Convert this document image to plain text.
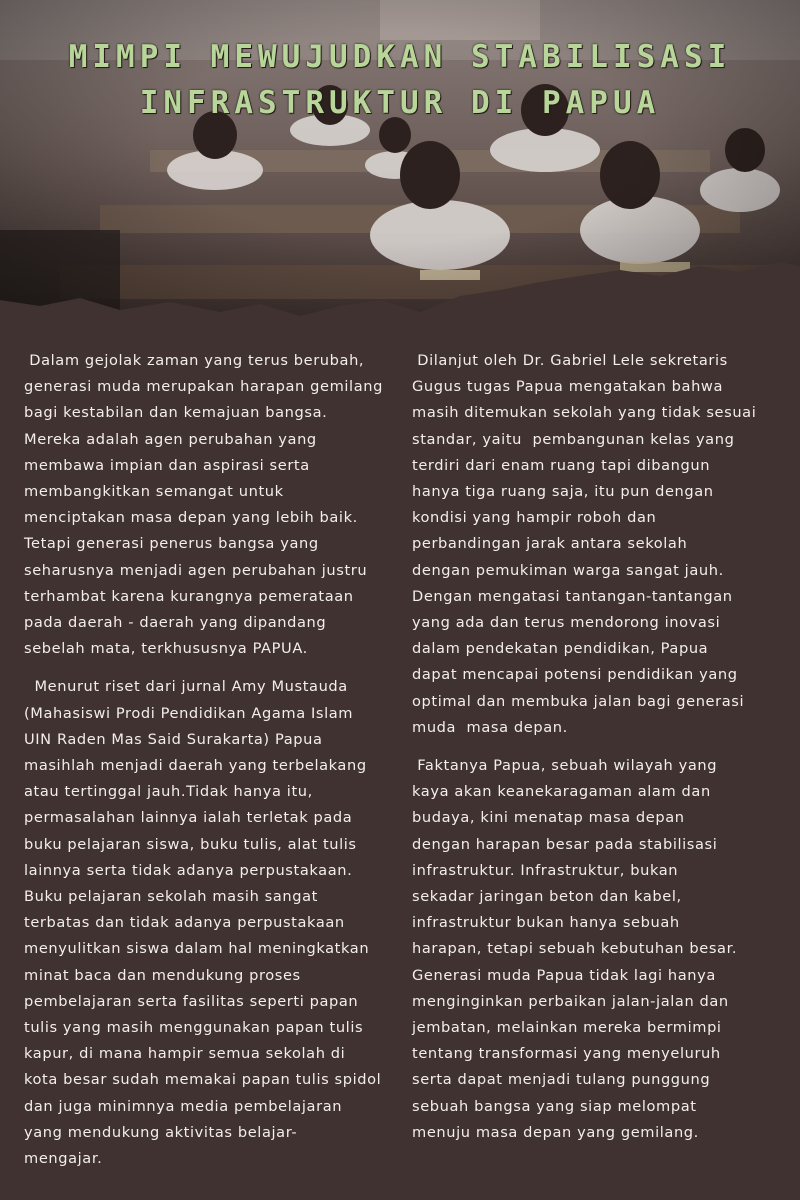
MIMPI MEWUJUDKAN STABILISASI
INFRASTRUKTUR DI PAPUA

Dalam gejolak zaman yang terus berubah,
generasi muda merupakan harapan gemilang
bagi kestabilan dan kemajuan bangsa.
Mereka adalah agen perubahan yang
membawa impian dan aspirasi serta
membangkitkan semangat untuk
menciptakan masa depan yang lebih baik.
Tetapi generasi penerus bangsa yang
seharusnya menjadi agen perubahan justru
terhambat karena kurangnya pemerataan
pada daerah - daerah yang dipandang
sebelah mata, terkhususnya PAPUA.

Menurut riset dari jurnal Amy Mustauda
(Mahasiswi Prodi Pendidikan Agama Islam
UIN Raden Mas Said Surakarta) Papua
masihlah menjadi daerah yang terbelakang
atau tertinggal jauh.Tidak hanya itu,
permasalahan lainnya ialah terletak pada
buku pelajaran siswa, buku tulis, alat tulis
lainnya serta tidak adanya perpustakaan.
Buku pelajaran sekolah masih sangat
terbatas dan tidak adanya perpustakaan
menyulitkan siswa dalam hal meningkatkan
minat baca dan mendukung proses
pembelajaran serta fasilitas seperti papan
tulis yang masih menggunakan papan tulis
kapur, di mana hampir semua sekolah di
kota besar sudah memakai papan tulis spidol
dan juga minimnya media pembelajaran
yang mendukung aktivitas belajar-
mengajar.

Dilanjut oleh Dr. Gabriel Lele sekretaris
Gugus tugas Papua mengatakan bahwa
masih ditemukan sekolah yang tidak sesuai
standar, yaitu  pembangunan kelas yang
terdiri dari enam ruang tapi dibangun
hanya tiga ruang saja, itu pun dengan
kondisi yang hampir roboh dan
perbandingan jarak antara sekolah
dengan pemukiman warga sangat jauh.
Dengan mengatasi tantangan-tantangan
yang ada dan terus mendorong inovasi
dalam pendekatan pendidikan, Papua
dapat mencapai potensi pendidikan yang
optimal dan membuka jalan bagi generasi
muda  masa depan.

Faktanya Papua, sebuah wilayah yang
kaya akan keanekaragaman alam dan
budaya, kini menatap masa depan
dengan harapan besar pada stabilisasi
infrastruktur. Infrastruktur, bukan
sekadar jaringan beton dan kabel,
infrastruktur bukan hanya sebuah
harapan, tetapi sebuah kebutuhan besar.
Generasi muda Papua tidak lagi hanya
menginginkan perbaikan jalan-jalan dan
jembatan, melainkan mereka bermimpi
tentang transformasi yang menyeluruh
serta dapat menjadi tulang punggung
sebuah bangsa yang siap melompat
menuju masa depan yang gemilang.
